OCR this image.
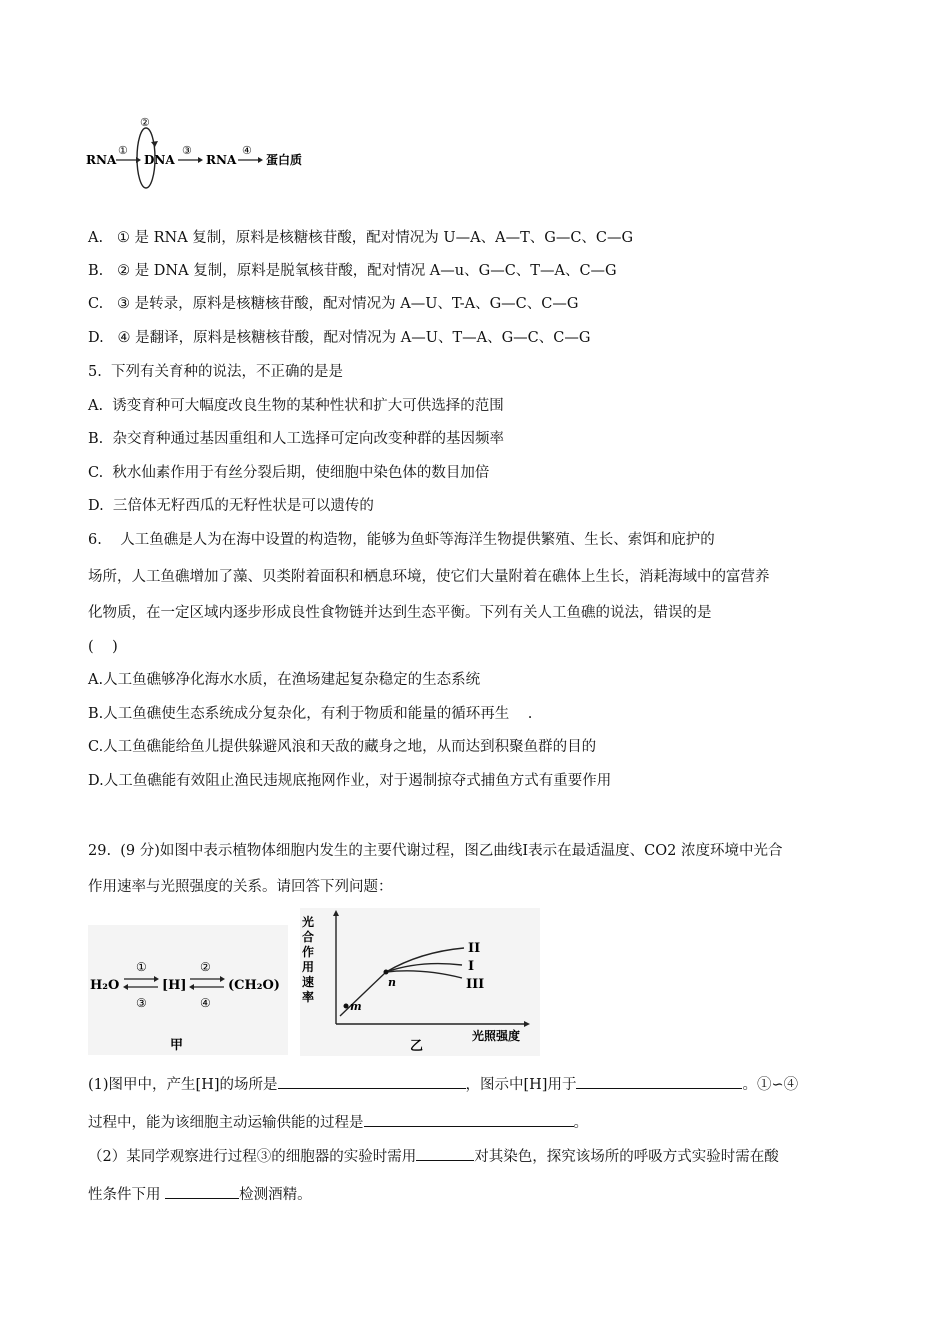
RNA
①
②
DNA
③
RNA
④
蛋白质
A.   ① 是 RNA 复制，原料是核糖核苷酸，配对情况为 U—A、A—T、G—C、C—G
B.   ② 是 DNA 复制，原料是脱氧核苷酸，配对情况 A—u、G—C、T—A、C—G
C.   ③ 是转录，原料是核糖核苷酸，配对情况为 A—U、T-A、G—C、C—G
D.   ④ 是翻译，原料是核糖核苷酸，配对情况为 A—U、T—A、G—C、C—G
5.  下列有关育种的说法，不正确的是是
A.  诱变育种可大幅度改良生物的某种性状和扩大可供选择的范围
B.  杂交育种通过基因重组和人工选择可定向改变种群的基因频率
C.  秋水仙素作用于有丝分裂后期，使细胞中染色体的数目加倍
D.  三倍体无籽西瓜的无籽性状是可以遗传的
6.    人工鱼礁是人为在海中设置的构造物，能够为鱼虾等海洋生物提供繁殖、生长、索饵和庇护的
场所，人工鱼礁增加了藻、贝类附着面积和栖息环境，使它们大量附着在礁体上生长，消耗海域中的富营养
化物质，在一定区域内逐步形成良性食物链并达到生态平衡。下列有关人工鱼礁的说法，错误的是
(    )
A.人工鱼礁够净化海水水质，在渔场建起复杂稳定的生态系统
B.人工鱼礁使生态系统成分复杂化，有利于物质和能量的循环再生    .
C.人工鱼礁能给鱼儿提供躲避风浪和天敌的藏身之地，从而达到积聚鱼群的目的
D.人工鱼礁能有效阻止渔民违规底拖网作业，对于遏制掠夺式捕鱼方式有重要作用
29.  (9 分)如图中表示植物体细胞内发生的主要代谢过程，图乙曲线Ⅰ表示在最适温度、CO2 浓度环境中光合
作用速率与光照强度的关系。请回答下列问题：
H₂O
①
③
[H]
②
④
(CH₂O)
甲
光
合
作
用
速
率
m
n
II
I
III
光照强度
乙
(1)图甲中，产生[H]的场所是	，图示中[H]用于	。①∽④
过程中，能为该细胞主动运输供能的过程是	。
（2）某同学观察进行过程③的细胞器的实验时需用	对其染色，探究该场所的呼吸方式实验时需在酸
性条件下用	检测酒精。
